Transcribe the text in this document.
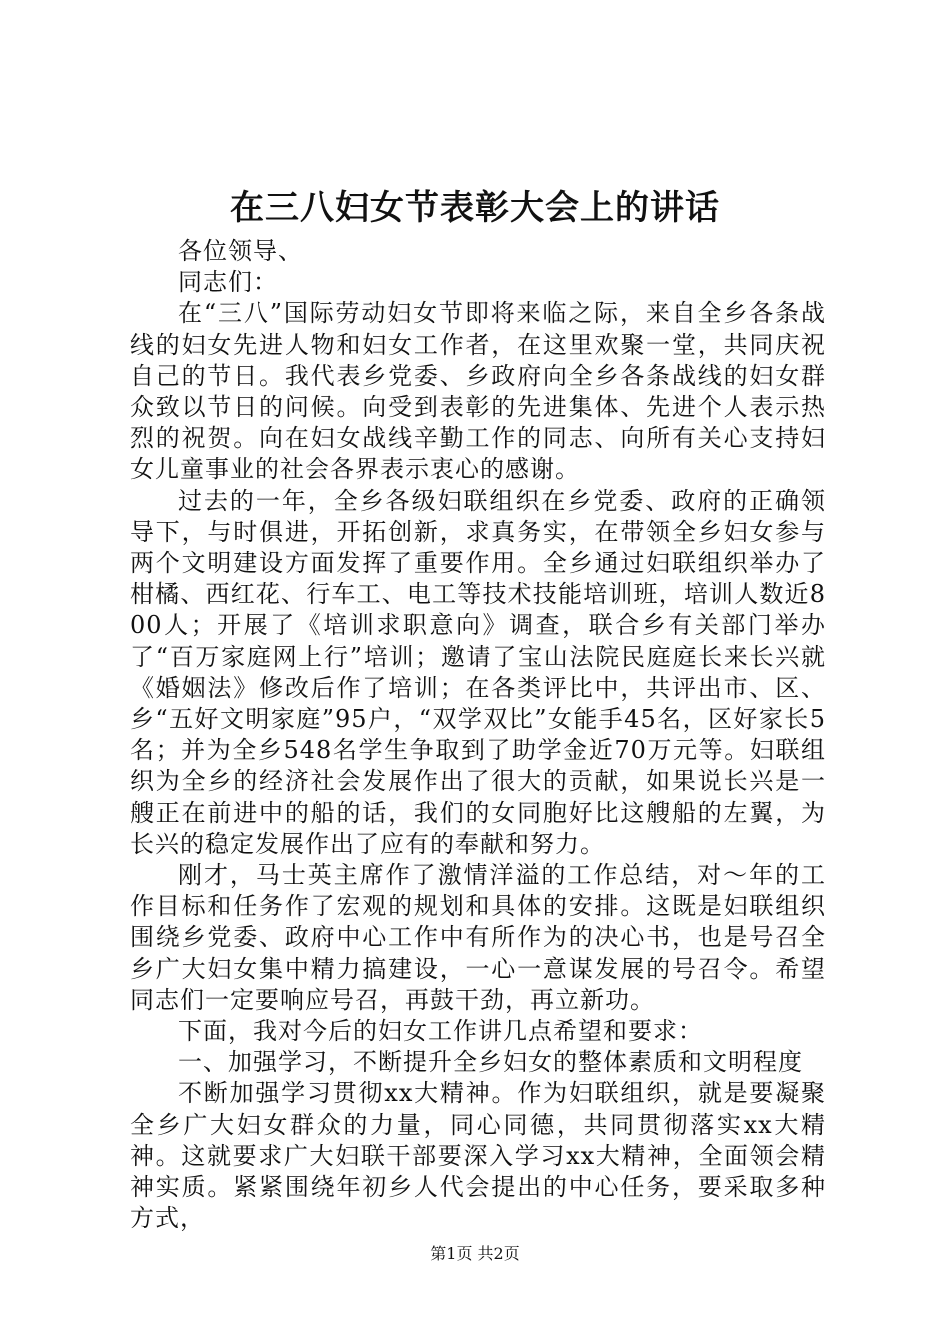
在三八妇女节表彰大会上的讲话

各位领导、

同志们：

在“三八”国际劳动妇女节即将来临之际，来自全乡各条战线的妇女先进人物和妇女工作者，在这里欢聚一堂，共同庆祝自己的节日。我代表乡党委、乡政府向全乡各条战线的妇女群众致以节日的问候。向受到表彰的先进集体、先进个人表示热烈的祝贺。向在妇女战线辛勤工作的同志、向所有关心支持妇女儿童事业的社会各界表示衷心的感谢。

过去的一年，全乡各级妇联组织在乡党委、政府的正确领导下，与时俱进，开拓创新，求真务实，在带领全乡妇女参与两个文明建设方面发挥了重要作用。全乡通过妇联组织举办了柑橘、西红花、行车工、电工等技术技能培训班，培训人数近800人；开展了《培训求职意向》调查，联合乡有关部门举办了“百万家庭网上行”培训；邀请了宝山法院民庭庭长来长兴就《婚姻法》修改后作了培训；在各类评比中，共评出市、区、乡“五好文明家庭”95户，“双学双比”女能手45名，区好家长5名；并为全乡548名学生争取到了助学金近70万元等。妇联组织为全乡的经济社会发展作出了很大的贡献，如果说长兴是一艘正在前进中的船的话，我们的女同胞好比这艘船的左翼，为长兴的稳定发展作出了应有的奉献和努力。

刚才，马士英主席作了激情洋溢的工作总结，对～年的工作目标和任务作了宏观的规划和具体的安排。这既是妇联组织围绕乡党委、政府中心工作中有所作为的决心书，也是号召全乡广大妇女集中精力搞建设，一心一意谋发展的号召令。希望同志们一定要响应号召，再鼓干劲，再立新功。

下面，我对今后的妇女工作讲几点希望和要求：

一、加强学习，不断提升全乡妇女的整体素质和文明程度

不断加强学习贯彻xx大精神。作为妇联组织，就是要凝聚全乡广大妇女群众的力量，同心同德，共同贯彻落实xx大精神。这就要求广大妇联干部要深入学习xx大精神，全面领会精神实质。紧紧围绕年初乡人代会提出的中心任务，要采取多种方式，

第1页 共2页
